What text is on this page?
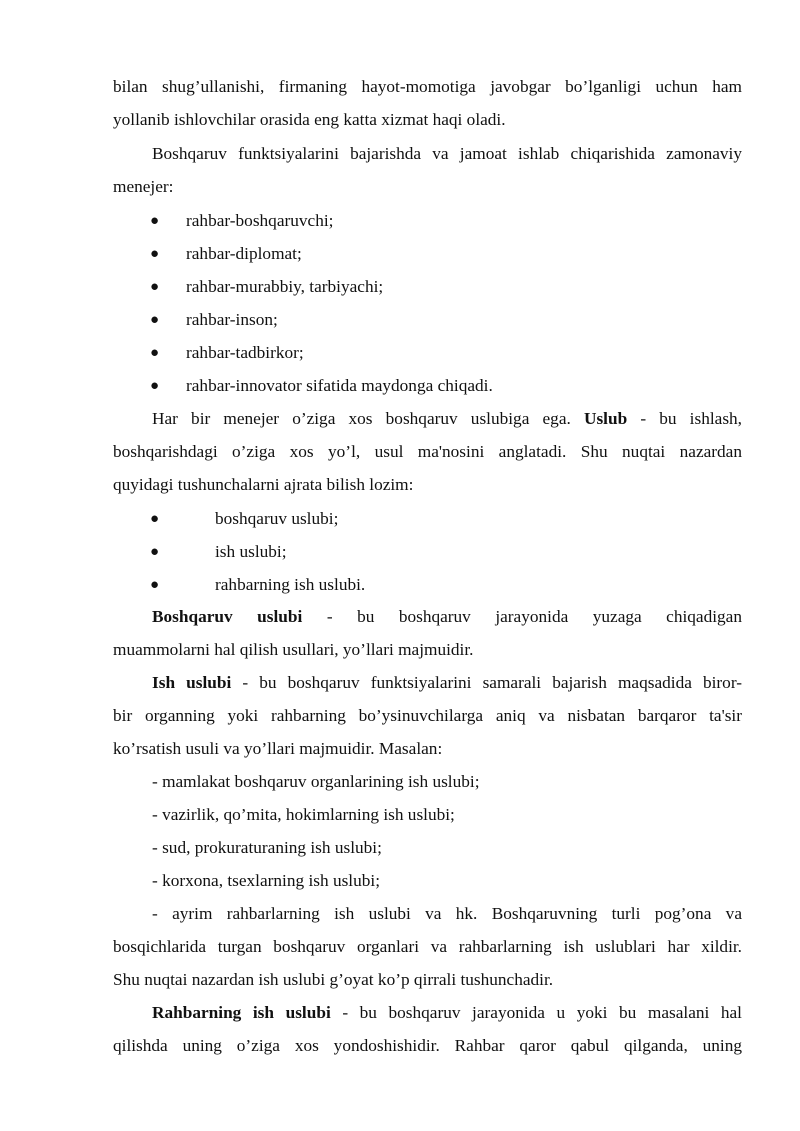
bilan shug’ullanishi, firmaning hayot-momotiga javobgar bo’lganligi uchun ham
yollanib ishlovchilar orasida eng katta xizmat haqi oladi.
Boshqaruv funktsiyalarini bajarishda va jamoat ishlab chiqarishida zamonaviy
menejer:
● rahbar-boshqaruvchi;
● rahbar-diplomat;
● rahbar-murabbiy, tarbiyachi;
● rahbar-inson;
● rahbar-tadbirkor;
● rahbar-innovator sifatida maydonga chiqadi.
Har bir menejer o’ziga xos boshqaruv uslubiga ega. Uslub - bu ishlash,
boshqarishdagi o’ziga xos yo’l, usul ma'nosini anglatadi. Shu nuqtai nazardan
quyidagi tushunchalarni ajrata bilish lozim:
●	boshqaruv uslubi;
●	ish uslubi;
●	rahbarning ish uslubi.
Boshqaruv uslubi - bu boshqaruv jarayonida yuzaga chiqadigan
muammolarni hal qilish usullari, yo’llari majmuidir.
Ish uslubi - bu boshqaruv funktsiyalarini samarali bajarish maqsadida biror-
bir organning yoki rahbarning bo’ysinuvchilarga aniq va nisbatan barqaror ta'sir
ko’rsatish usuli va yo’llari majmuidir. Masalan:
- mamlakat boshqaruv organlarining ish uslubi;
- vazirlik, qo’mita, hokimlarning ish uslubi;
- sud, prokuraturaning ish uslubi;
- korxona, tsexlarning ish uslubi;
- ayrim rahbarlarning ish uslubi va hk. Boshqaruvning turli pog’ona va
bosqichlarida turgan boshqaruv organlari va rahbarlarning ish uslublari har xildir.
Shu nuqtai nazardan ish uslubi g’oyat ko’p qirrali tushunchadir.
Rahbarning ish uslubi - bu boshqaruv jarayonida u yoki bu masalani hal
qilishda uning o’ziga xos yondoshishidir. Rahbar qaror qabul qilganda, uning
